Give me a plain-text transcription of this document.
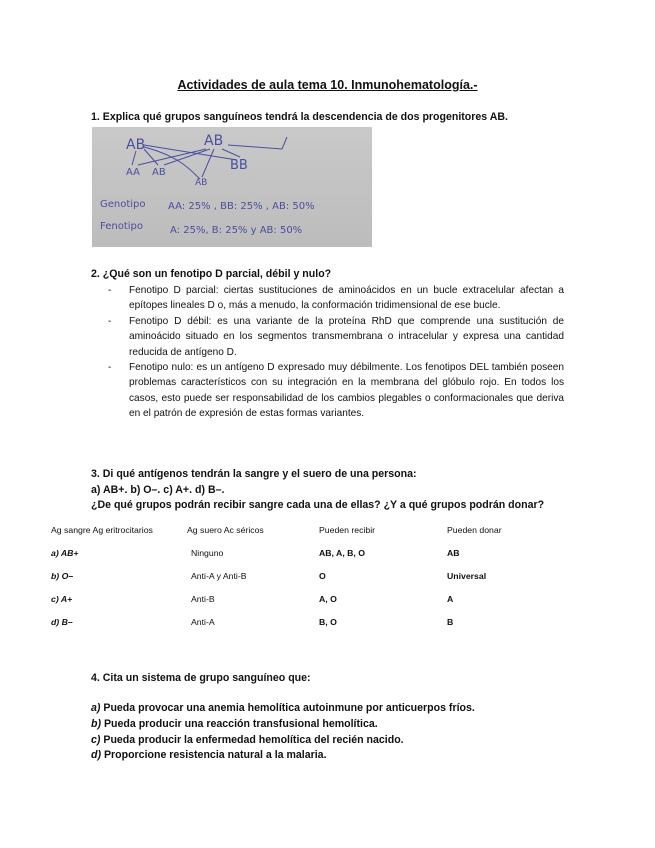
Actividades de aula tema 10. Inmunohematología.-
1. Explica qué grupos sanguíneos tendrá la descendencia de dos progenitores AB.
AB	AB
AA AB
AB
BB
Genotipo AA: 25% , BB: 25% , AB: 50%
Fenotipo	A: 25%, B: 25% y AB: 50%
2. ¿Qué son un fenotipo D parcial, débil y nulo?
- Fenotipo D parcial: ciertas sustituciones de aminoácidos en un bucle extracelular afectan a epítopes lineales D o, más a menudo, la conformación tridimensional de ese bucle.
- Fenotipo D débil: es una variante de la proteína RhD que comprende una sustitución de aminoácido situado en los segmentos transmembrana o intracelular y expresa una cantidad reducida de antígeno D.
- Fenotipo nulo: es un antígeno D expresado muy débilmente. Los fenotipos DEL también poseen problemas característicos con su integración en la membrana del glóbulo rojo. En todos los casos, esto puede ser responsabilidad de los cambios plegables o conformacionales que deriva en el patrón de expresión de estas formas variantes.
3. Di qué antígenos tendrán la sangre y el suero de una persona:
a) AB+. b) O–. c) A+. d) B–.
¿De qué grupos podrán recibir sangre cada una de ellas? ¿Y a qué grupos podrán donar?
Ag sangre Ag eritrocitarios	Ag suero Ac séricos	Pueden recibir	Pueden donar
a) AB+	Ninguno	AB, A, B, O	AB
b) O–	Anti-A y Anti-B	O	Universal
c) A+	Anti-B	A, O	A
d) B–	Anti-A	B, O	B
4. Cita un sistema de grupo sanguíneo que:
a) Pueda provocar una anemia hemolítica autoinmune por anticuerpos fríos.
b) Pueda producir una reacción transfusional hemolítica.
c) Pueda producir la enfermedad hemolítica del recién nacido.
d) Proporcione resistencia natural a la malaria.
